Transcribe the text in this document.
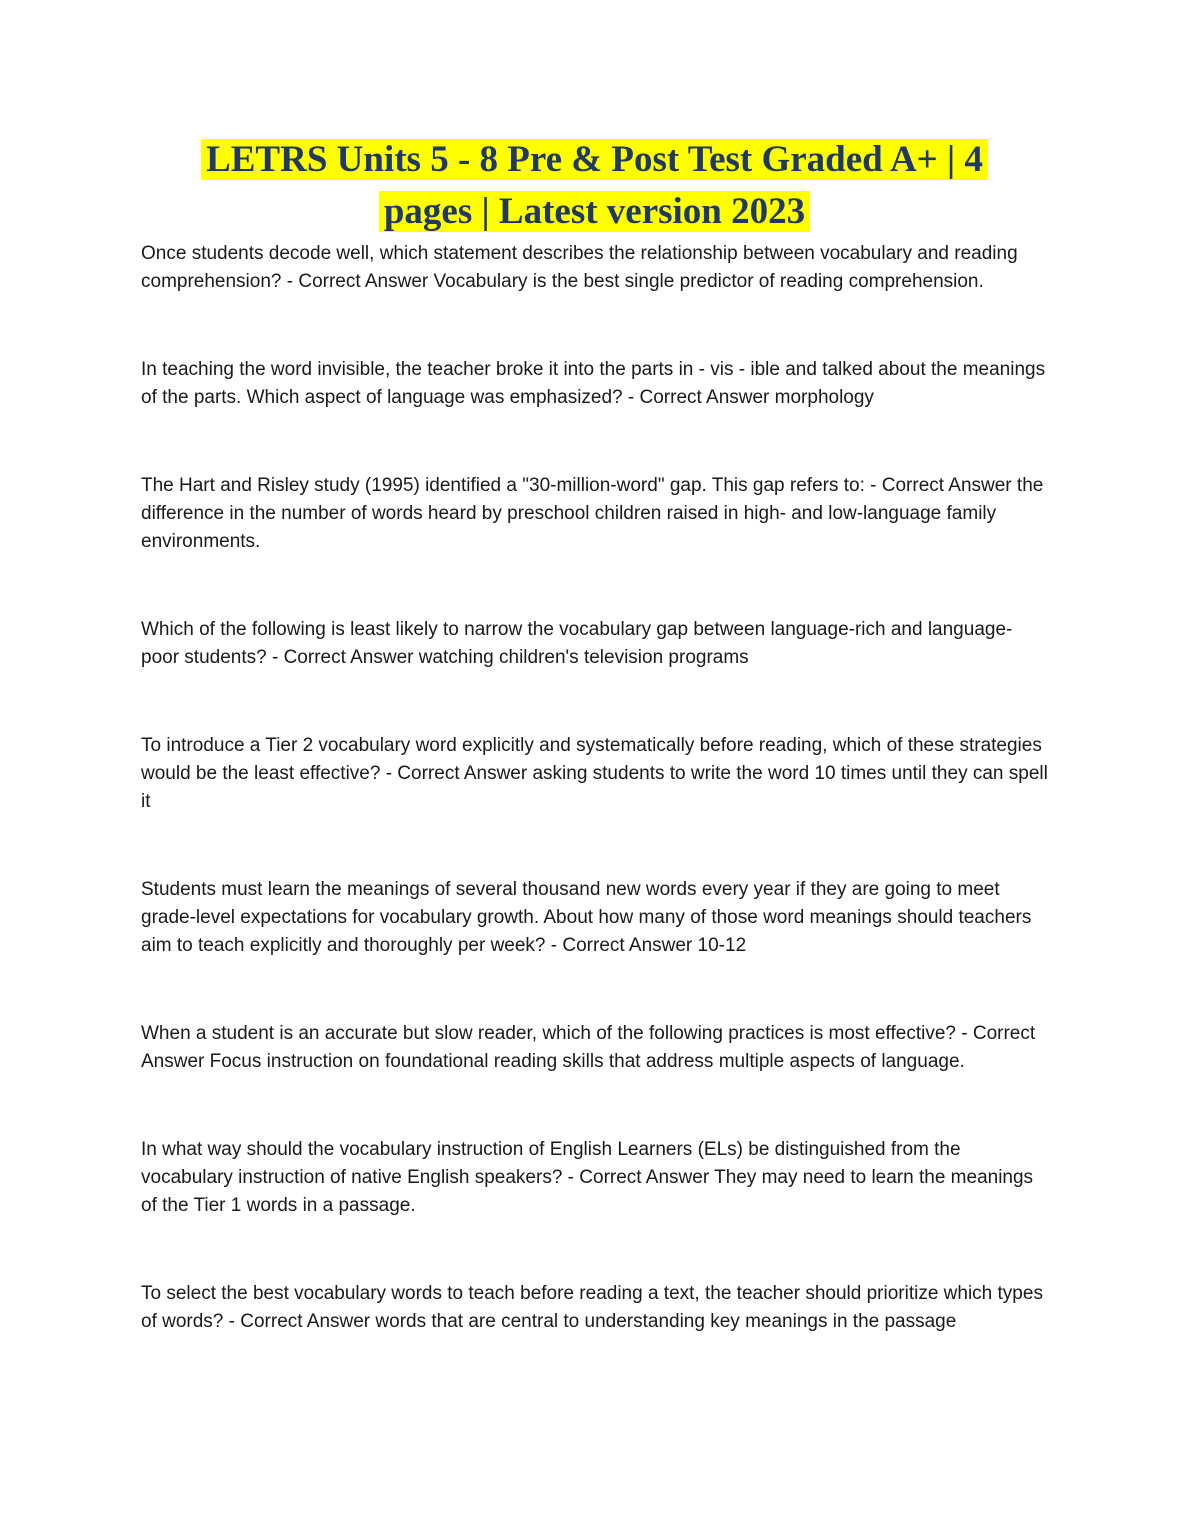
LETRS Units 5 - 8 Pre & Post Test Graded A+ | 4
pages | Latest version 2023

Once students decode well, which statement describes the relationship between vocabulary and reading comprehension? - Correct Answer Vocabulary is the best single predictor of reading comprehension.

In teaching the word invisible, the teacher broke it into the parts in - vis - ible and talked about the meanings of the parts. Which aspect of language was emphasized? - Correct Answer morphology

The Hart and Risley study (1995) identified a "30-million-word" gap. This gap refers to: - Correct Answer the difference in the number of words heard by preschool children raised in high- and low-language family environments.

Which of the following is least likely to narrow the vocabulary gap between language-rich and language-poor students? - Correct Answer watching children's television programs

To introduce a Tier 2 vocabulary word explicitly and systematically before reading, which of these strategies would be the least effective? - Correct Answer asking students to write the word 10 times until they can spell it

Students must learn the meanings of several thousand new words every year if they are going to meet grade-level expectations for vocabulary growth. About how many of those word meanings should teachers aim to teach explicitly and thoroughly per week? - Correct Answer 10-12

When a student is an accurate but slow reader, which of the following practices is most effective? - Correct Answer Focus instruction on foundational reading skills that address multiple aspects of language.

In what way should the vocabulary instruction of English Learners (ELs) be distinguished from the vocabulary instruction of native English speakers? - Correct Answer They may need to learn the meanings of the Tier 1 words in a passage.

To select the best vocabulary words to teach before reading a text, the teacher should prioritize which types of words? - Correct Answer words that are central to understanding key meanings in the passage
